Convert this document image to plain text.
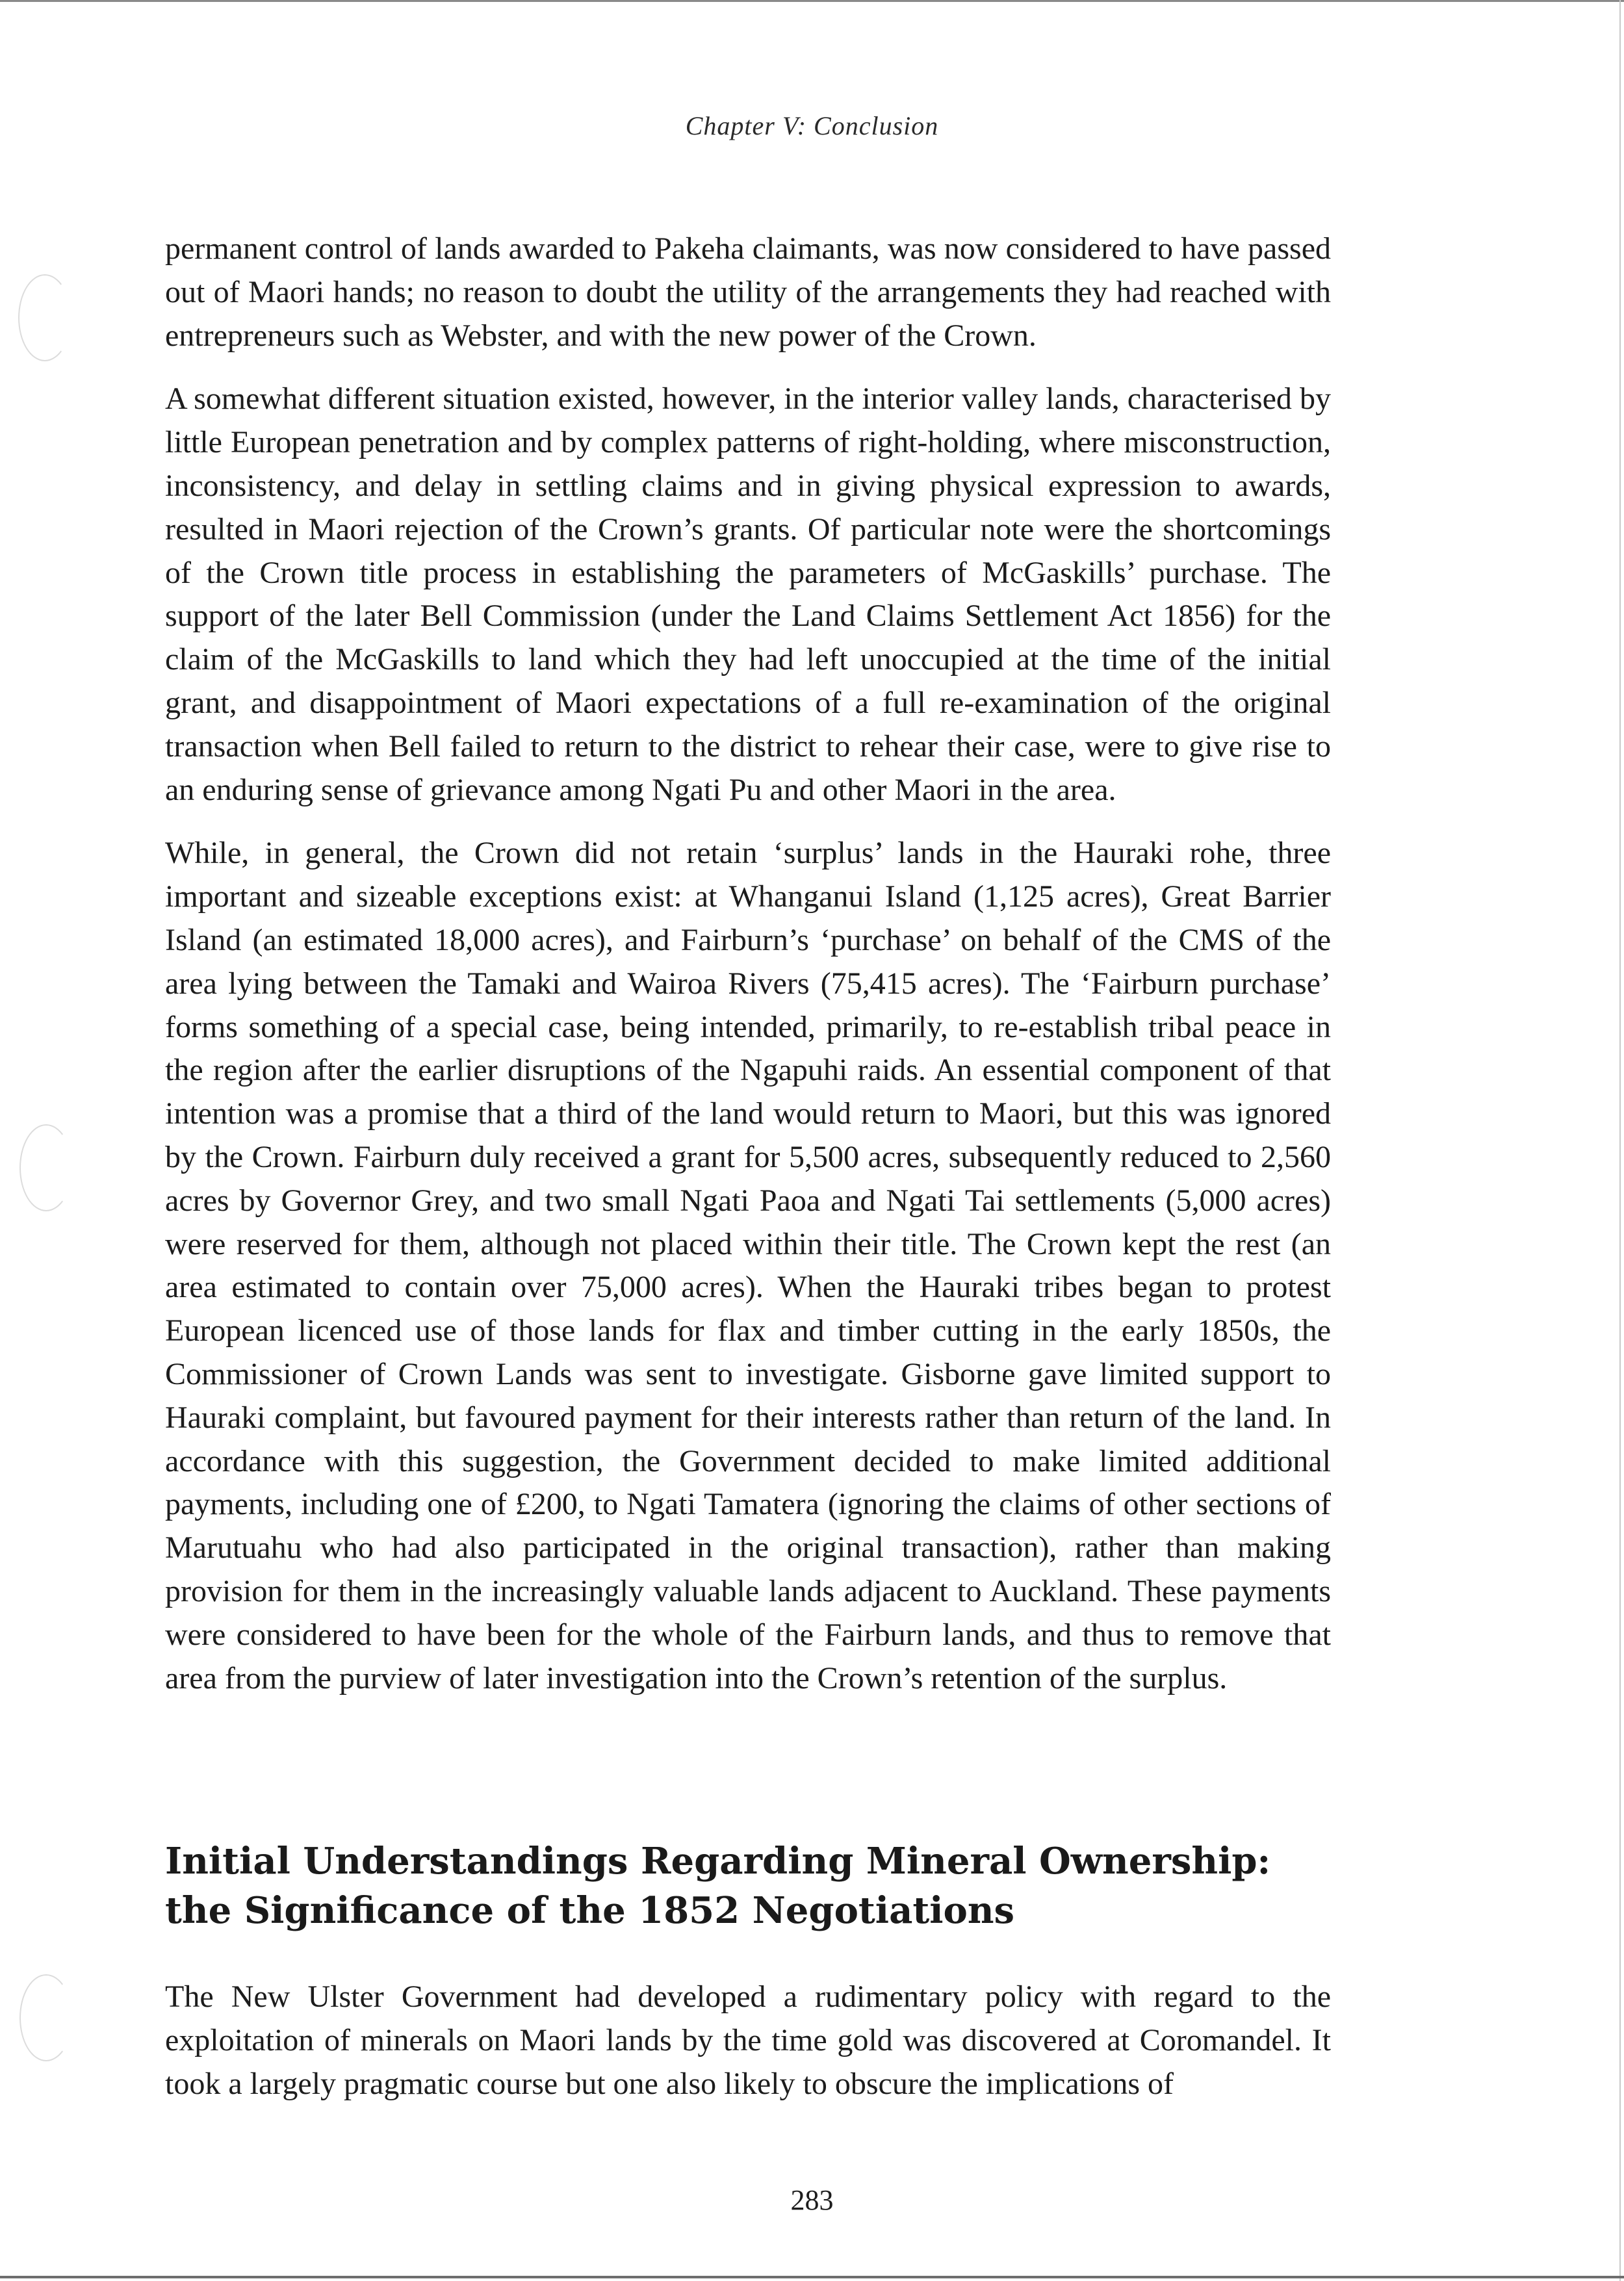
Chapter V: Conclusion

permanent control of lands awarded to Pakeha claimants, was now considered to have passed out of Maori hands; no reason to doubt the utility of the arrangements they had reached with entrepreneurs such as Webster, and with the new power of the Crown.

A somewhat different situation existed, however, in the interior valley lands, characterised by little European penetration and by complex patterns of right-holding, where misconstruction, inconsistency, and delay in settling claims and in giving physical expression to awards, resulted in Maori rejection of the Crown’s grants. Of particular note were the shortcomings of the Crown title process in establishing the parameters of McGaskills’ purchase. The support of the later Bell Commission (under the Land Claims Settlement Act 1856) for the claim of the McGaskills to land which they had left unoccupied at the time of the initial grant, and disappointment of Maori expectations of a full re-examination of the original transaction when Bell failed to return to the district to rehear their case, were to give rise to an enduring sense of grievance among Ngati Pu and other Maori in the area.

While, in general, the Crown did not retain ‘surplus’ lands in the Hauraki rohe, three important and sizeable exceptions exist: at Whanganui Island (1,125 acres), Great Barrier Island (an estimated 18,000 acres), and Fairburn’s ‘purchase’ on behalf of the CMS of the area lying between the Tamaki and Wairoa Rivers (75,415 acres). The ‘Fairburn purchase’ forms something of a special case, being intended, primarily, to re-establish tribal peace in the region after the earlier disruptions of the Ngapuhi raids. An essential component of that intention was a promise that a third of the land would return to Maori, but this was ignored by the Crown. Fairburn duly received a grant for 5,500 acres, subsequently reduced to 2,560 acres by Governor Grey, and two small Ngati Paoa and Ngati Tai settlements (5,000 acres) were reserved for them, although not placed within their title. The Crown kept the rest (an area estimated to contain over 75,000 acres). When the Hauraki tribes began to protest European licenced use of those lands for flax and timber cutting in the early 1850s, the Commissioner of Crown Lands was sent to investigate. Gisborne gave limited support to Hauraki complaint, but favoured payment for their interests rather than return of the land. In accordance with this suggestion, the Government decided to make limited additional payments, including one of £200, to Ngati Tamatera (ignoring the claims of other sections of Marutuahu who had also participated in the original transaction), rather than making provision for them in the increasingly valuable lands adjacent to Auckland. These payments were considered to have been for the whole of the Fairburn lands, and thus to remove that area from the purview of later investigation into the Crown’s retention of the surplus.

Initial Understandings Regarding Mineral Ownership:
the Significance of the 1852 Negotiations

The New Ulster Government had developed a rudimentary policy with regard to the exploitation of minerals on Maori lands by the time gold was discovered at Coromandel. It took a largely pragmatic course but one also likely to obscure the implications of

283
